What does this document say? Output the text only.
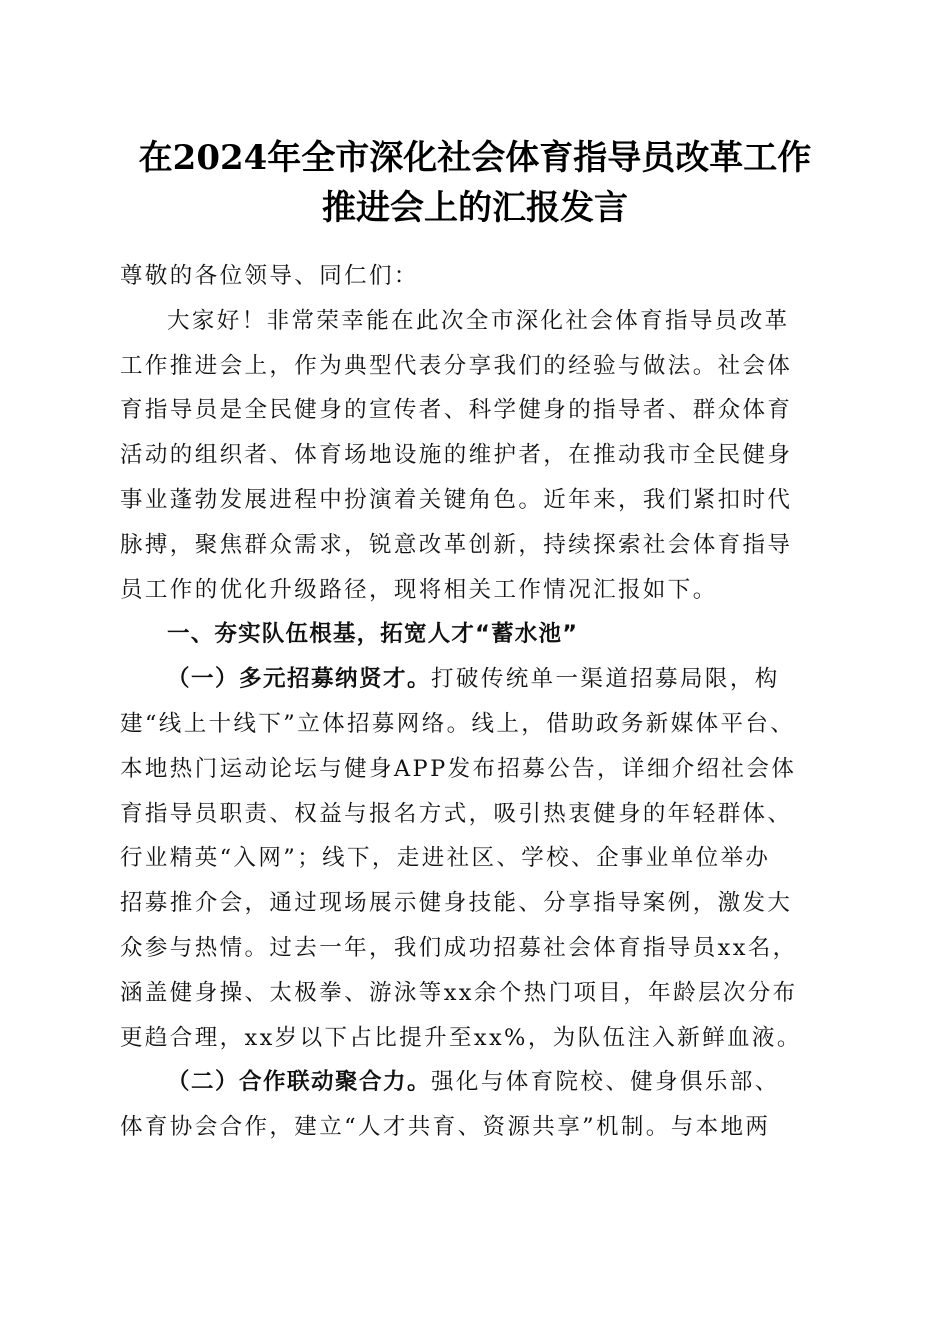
在2024年全市深化社会体育指导员改革工作
推进会上的汇报发言
尊敬的各位领导、同仁们：
大家好！非常荣幸能在此次全市深化社会体育指导员改革
工作推进会上，作为典型代表分享我们的经验与做法。社会体
育指导员是全民健身的宣传者、科学健身的指导者、群众体育
活动的组织者、体育场地设施的维护者，在推动我市全民健身
事业蓬勃发展进程中扮演着关键角色。近年来，我们紧扣时代
脉搏，聚焦群众需求，锐意改革创新，持续探索社会体育指导
员工作的优化升级路径，现将相关工作情况汇报如下。
一、夯实队伍根基，拓宽人才“蓄水池”
（一）多元招募纳贤才。打破传统单一渠道招募局限，构
建“线上十线下”立体招募网络。线上，借助政务新媒体平台、
本地热门运动论坛与健身APP发布招募公告，详细介绍社会体
育指导员职责、权益与报名方式，吸引热衷健身的年轻群体、
行业精英“入网”；线下，走进社区、学校、企事业单位举办
招募推介会，通过现场展示健身技能、分享指导案例，激发大
众参与热情。过去一年，我们成功招募社会体育指导员xx名，
涵盖健身操、太极拳、游泳等xx余个热门项目，年龄层次分布
更趋合理，xx岁以下占比提升至xx%，为队伍注入新鲜血液。
（二）合作联动聚合力。强化与体育院校、健身俱乐部、
体育协会合作，建立“人才共育、资源共享”机制。与本地两
